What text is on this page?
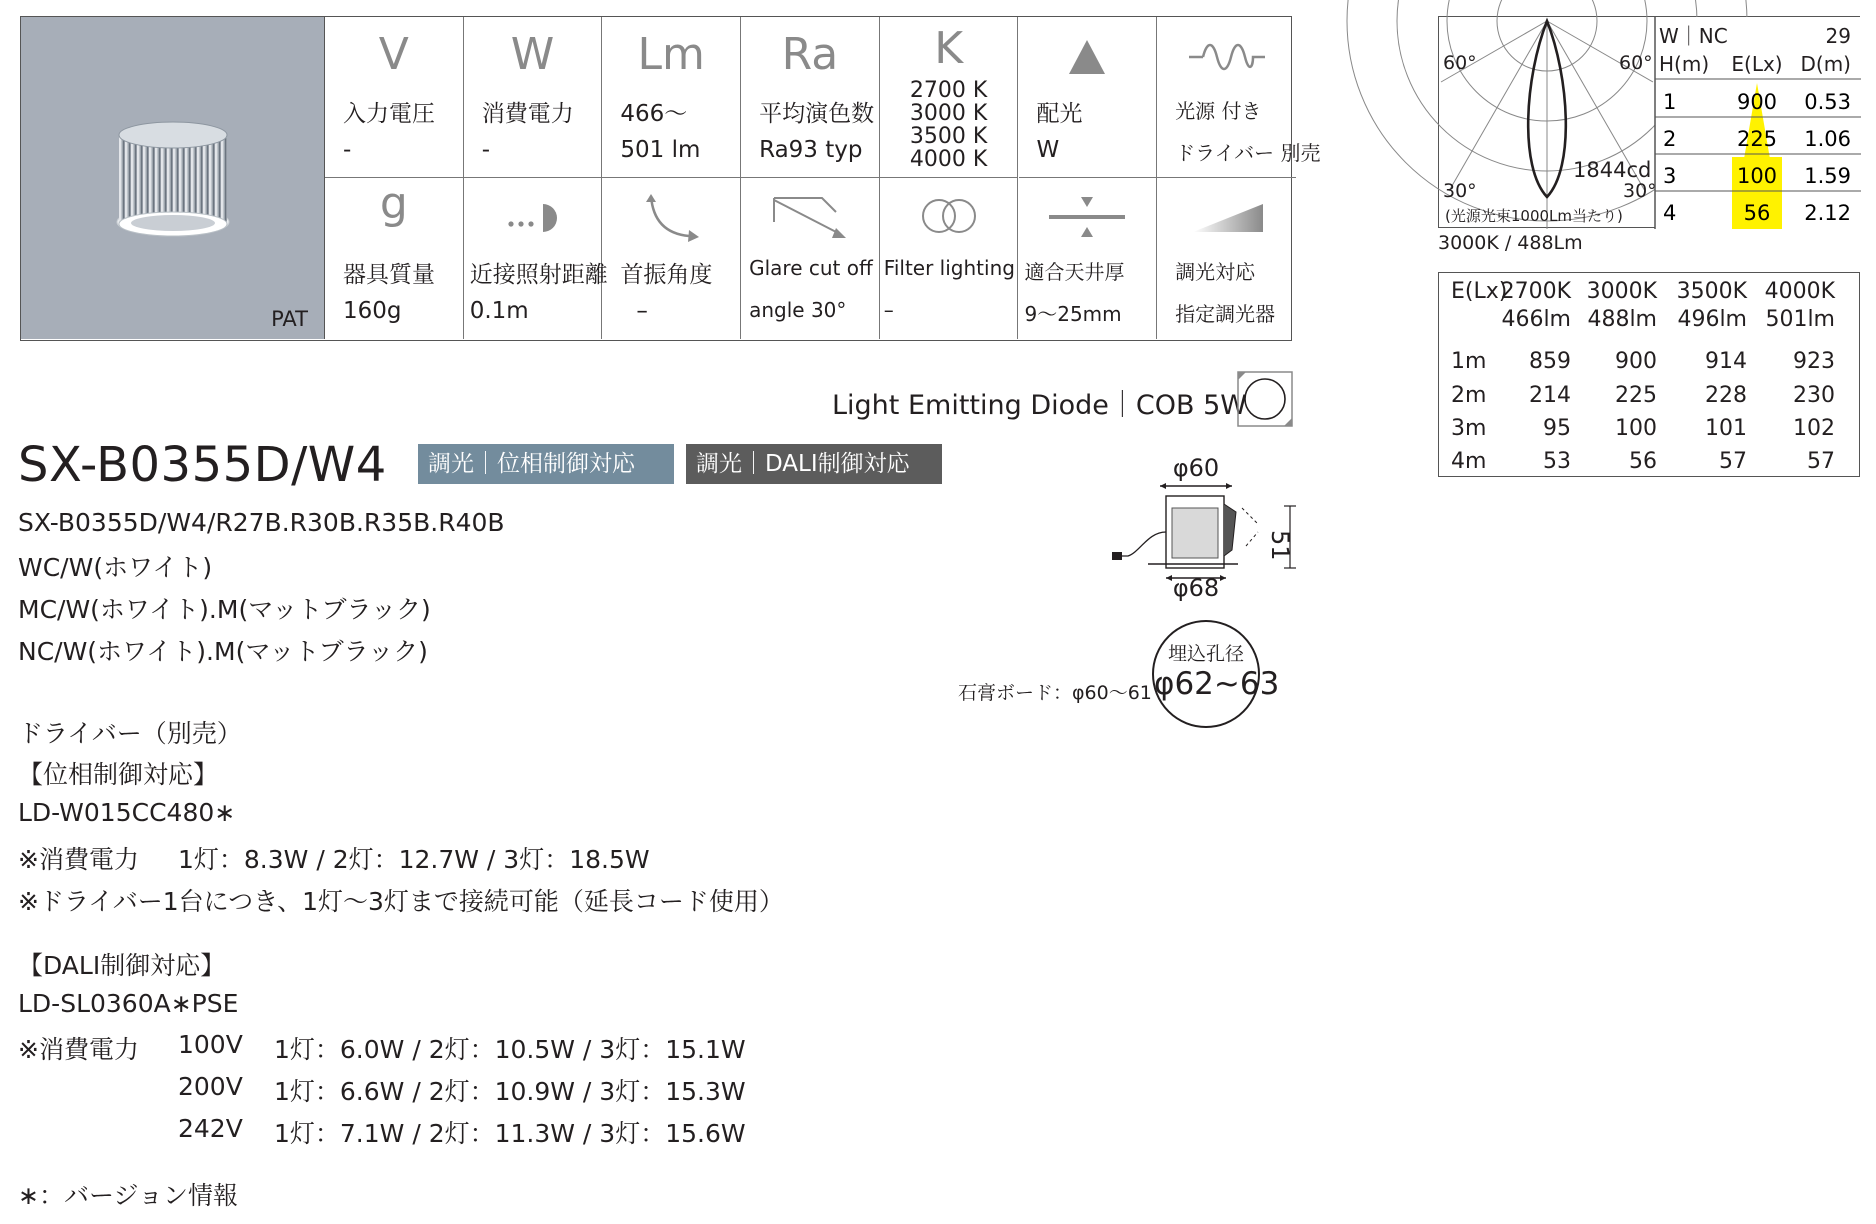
PAT
V
入力電圧
-
W
消費電力
-
Lm
466～
501 lm
Ra
平均演色数
Ra93 typ
K
2700 K
3000 K
3500 K
4000 K
配光
W
光源 付き
ドライバー 別売
g
器具質量
160g
近接照射距離
0.1m
首振角度
–
Glare cut off
angle 30°
Filter lighting
–
適合天井厚
9～25mm
調光対応
指定調光器
60°	60°
30°	30°
1844cd
(光源光束1000Lm当たり)
W｜NC	29
H(m) E(Lx) D(m)
1	900 0.53
2	225 1.06
3	100 1.59
4	56 2.12
3000K / 488Lm
E(Lx)
2700K 3000K 3500K 4000K
466lm 488lm 496lm 501lm
1m 859 900 914 923
2m 214 225 228 230
3m	95 100 101 102
4m	53	56	57	57
Light Emitting Diode｜COB 5W
SX-B0355D/W4	調光｜位相制御対応	調光｜DALI制御対応
SX-B0355D/W4/R27B.R30B.R35B.R40B
WC/W(ホワイト)
MC/W(ホワイト).M(マットブラック)
NC/W(ホワイト).M(マットブラック)
φ60
51
φ68
石膏ボード：φ60～61
埋込孔径
φ62~63
ドライバー（別売）
【位相制御対応】
LD-W015CC480∗
※消費電力 1灯：8.3W / 2灯：12.7W / 3灯：18.5W
※ドライバー1台につき、1灯～3灯まで接続可能（延長コード使用）
【DALI制御対応】
LD-SL0360A∗PSE
※消費電力 100V 1灯：6.0W / 2灯：10.5W / 3灯：15.1W
200V 1灯：6.6W / 2灯：10.9W / 3灯：15.3W
242V 1灯：7.1W / 2灯：11.3W / 3灯：15.6W
∗：バージョン情報
